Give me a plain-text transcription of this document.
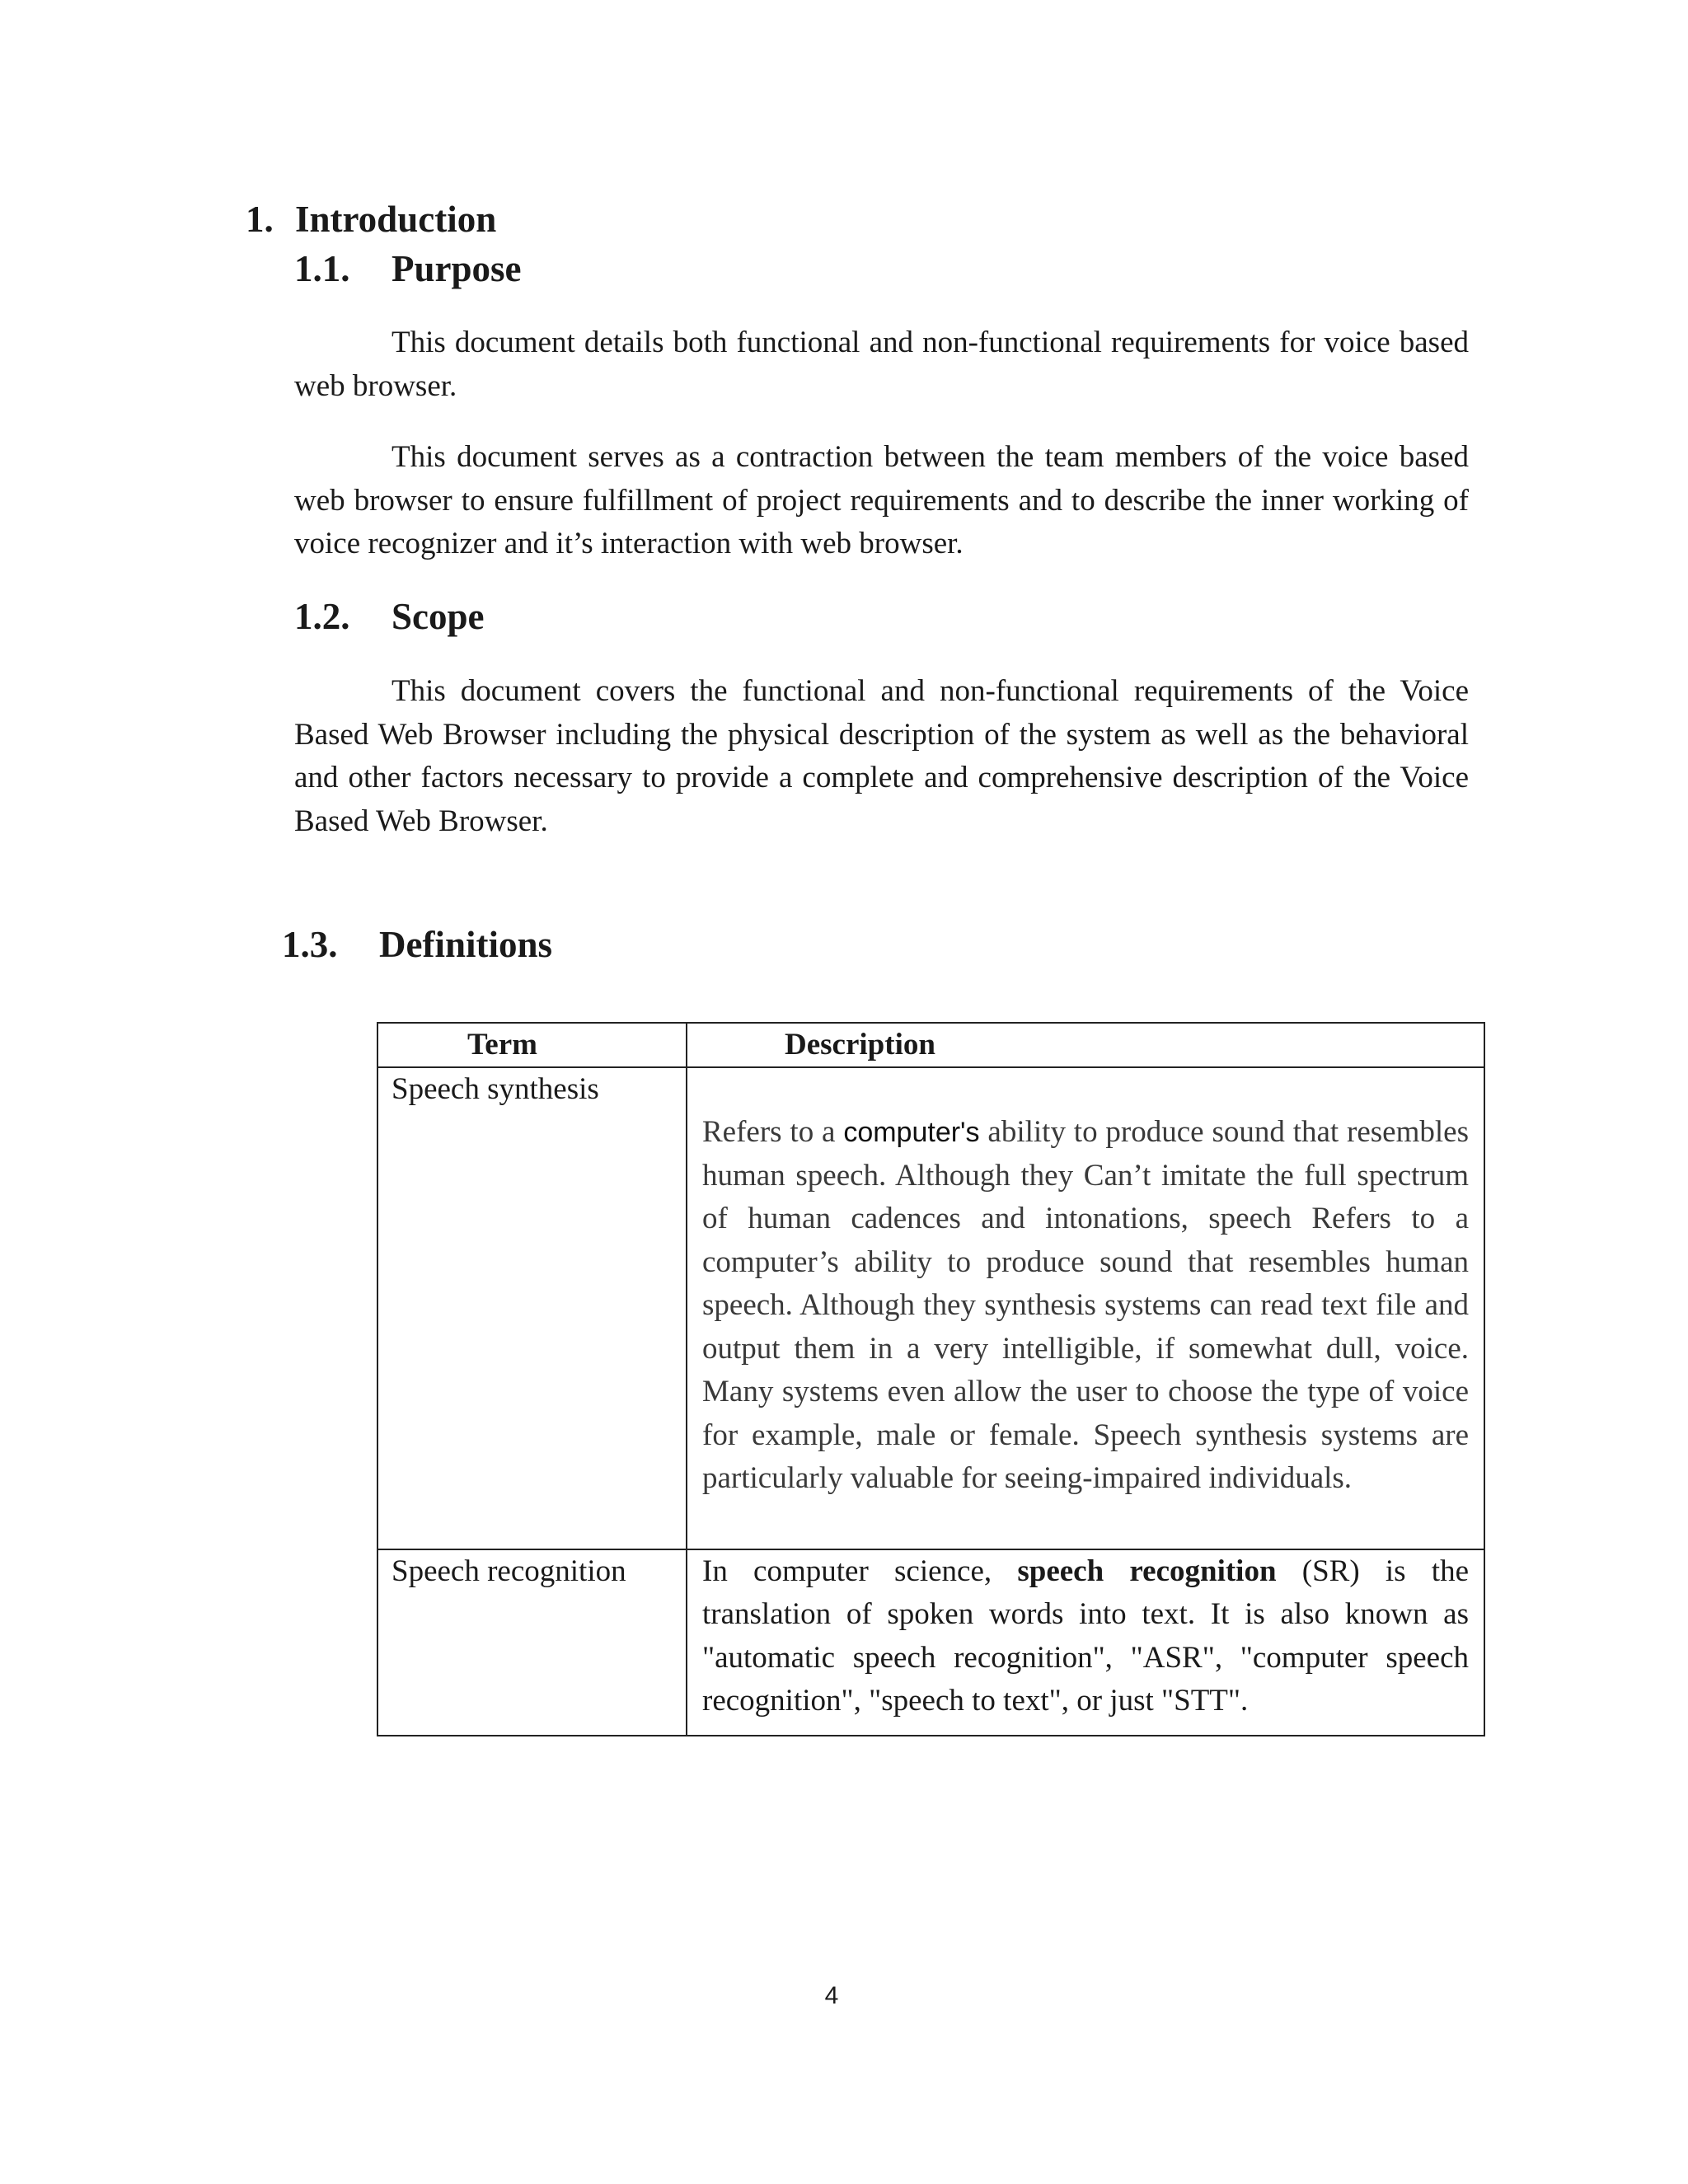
1. Introduction
1.1. Purpose

This document details both functional and non-functional requirements for voice based web browser.

This document serves as a contraction between the team members of the voice based web browser to ensure fulfillment of project requirements and to describe the inner working of voice recognizer and it’s interaction with web browser.

1.2. Scope

This document covers the functional and non-functional requirements of the Voice Based Web Browser including the physical description of the system as well as the behavioral and other factors necessary to provide a complete and comprehensive description of the Voice Based Web Browser.

1.3. Definitions
Term	Description

Speech synthesis	Refers to a computer's ability to produce sound that resembles human speech. Although they Can’t imitate the full spectrum of human cadences and intonations, speech Refers to a computer’s ability to produce sound that resembles human speech. Although they synthesis systems can read text file and output them in a very intelligible, if somewhat dull, voice. Many systems even allow the user to choose the type of voice for example, male or female. Speech synthesis systems are particularly valuable for seeing-impaired individuals.

Speech recognition	In computer science, speech recognition (SR) is the translation of spoken words into text. It is also known as "automatic speech recognition", "ASR", "computer speech recognition", "speech to text", or just "STT".

4
